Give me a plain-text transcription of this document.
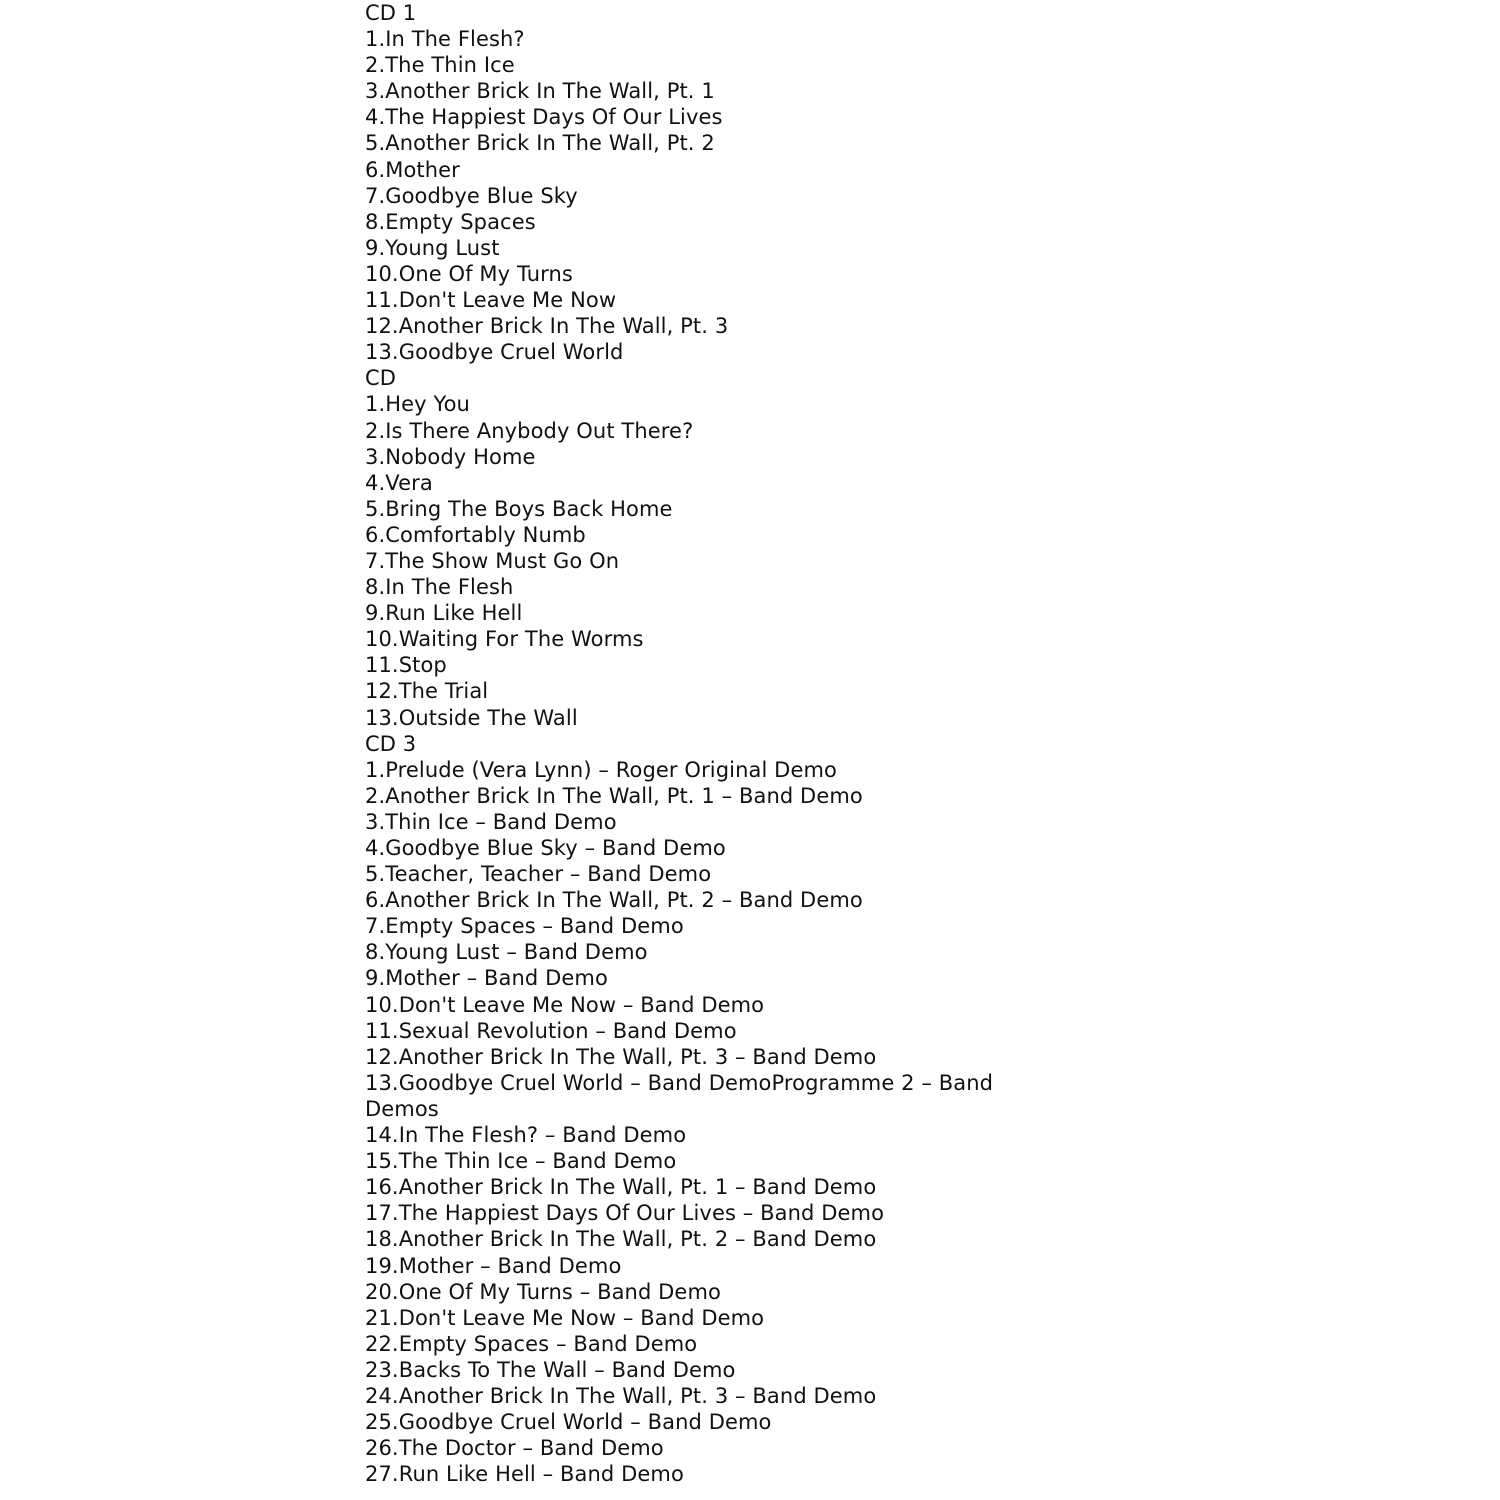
CD 1
1.In The Flesh?
2.The Thin Ice
3.Another Brick In The Wall, Pt. 1
4.The Happiest Days Of Our Lives
5.Another Brick In The Wall, Pt. 2
6.Mother
7.Goodbye Blue Sky
8.Empty Spaces
9.Young Lust
10.One Of My Turns
11.Don't Leave Me Now
12.Another Brick In The Wall, Pt. 3
13.Goodbye Cruel World
CD
1.Hey You
2.Is There Anybody Out There?
3.Nobody Home
4.Vera
5.Bring The Boys Back Home
6.Comfortably Numb
7.The Show Must Go On
8.In The Flesh
9.Run Like Hell
10.Waiting For The Worms
11.Stop
12.The Trial
13.Outside The Wall
CD 3
1.Prelude (Vera Lynn) – Roger Original Demo
2.Another Brick In The Wall, Pt. 1 – Band Demo
3.Thin Ice – Band Demo
4.Goodbye Blue Sky – Band Demo
5.Teacher, Teacher – Band Demo
6.Another Brick In The Wall, Pt. 2 – Band Demo
7.Empty Spaces – Band Demo
8.Young Lust – Band Demo
9.Mother – Band Demo
10.Don't Leave Me Now – Band Demo
11.Sexual Revolution – Band Demo
12.Another Brick In The Wall, Pt. 3 – Band Demo
13.Goodbye Cruel World – Band DemoProgramme 2 – Band Demos
14.In The Flesh? – Band Demo
15.The Thin Ice – Band Demo
16.Another Brick In The Wall, Pt. 1 – Band Demo
17.The Happiest Days Of Our Lives – Band Demo
18.Another Brick In The Wall, Pt. 2 – Band Demo
19.Mother – Band Demo
20.One Of My Turns – Band Demo
21.Don't Leave Me Now – Band Demo
22.Empty Spaces – Band Demo
23.Backs To The Wall – Band Demo
24.Another Brick In The Wall, Pt. 3 – Band Demo
25.Goodbye Cruel World – Band Demo
26.The Doctor – Band Demo
27.Run Like Hell – Band Demo
